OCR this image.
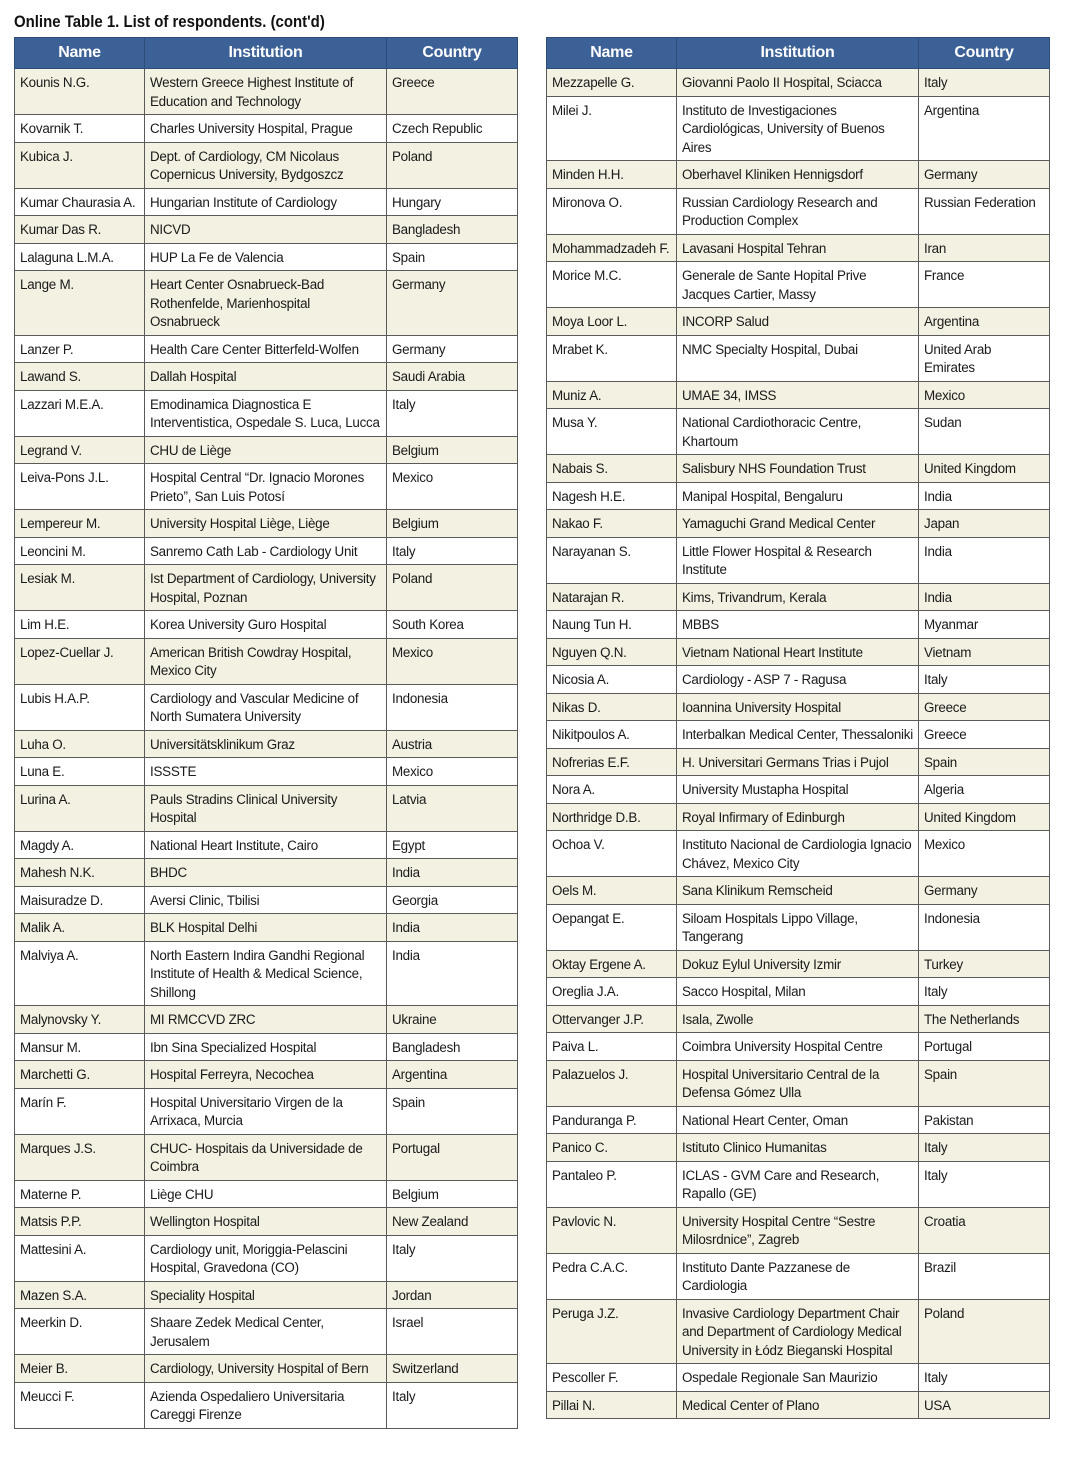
Online Table 1. List of respondents. (cont'd)
Name	Institution	Country
Kounis N.G.	Western Greece Highest Institute of Education and Technology	Greece
Kovarnik T.	Charles University Hospital, Prague	Czech Republic
Kubica J.	Dept. of Cardiology, CM Nicolaus Copernicus University, Bydgoszcz	Poland
Kumar Chaurasia A.	Hungarian Institute of Cardiology	Hungary
Kumar Das R.	NICVD	Bangladesh
Lalaguna L.M.A.	HUP La Fe de Valencia	Spain
Lange M.	Heart Center Osnabrueck-Bad Rothenfelde, Marienhospital Osnabrueck	Germany
Lanzer P.	Health Care Center Bitterfeld-Wolfen	Germany
Lawand S.	Dallah Hospital	Saudi Arabia
Lazzari M.E.A.	Emodinamica Diagnostica E Interventistica, Ospedale S. Luca, Lucca	Italy
Legrand V.	CHU de Liège	Belgium
Leiva-Pons J.L.	Hospital Central “Dr. Ignacio Morones Prieto”, San Luis Potosí	Mexico
Lempereur M.	University Hospital Liège, Liège	Belgium
Leoncini M.	Sanremo Cath Lab - Cardiology Unit	Italy
Lesiak M.	Ist Department of Cardiology, University Hospital, Poznan	Poland
Lim H.E.	Korea University Guro Hospital	South Korea
Lopez-Cuellar J.	American British Cowdray Hospital, Mexico City	Mexico
Lubis H.A.P.	Cardiology and Vascular Medicine of North Sumatera University	Indonesia
Luha O.	Universitätsklinikum Graz	Austria
Luna E.	ISSSTE	Mexico
Lurina A.	Pauls Stradins Clinical University Hospital	Latvia
Magdy A.	National Heart Institute, Cairo	Egypt
Mahesh N.K.	BHDC	India
Maisuradze D.	Aversi Clinic, Tbilisi	Georgia
Malik A.	BLK Hospital Delhi	India
Malviya A.	North Eastern Indira Gandhi Regional Institute of Health & Medical Science, Shillong	India
Malynovsky Y.	MI RMCCVD ZRC	Ukraine
Mansur M.	Ibn Sina Specialized Hospital	Bangladesh
Marchetti G.	Hospital Ferreyra, Necochea	Argentina
Marín F.	Hospital Universitario Virgen de la Arrixaca, Murcia	Spain
Marques J.S.	CHUC- Hospitais da Universidade de Coimbra	Portugal
Materne P.	Liège CHU	Belgium
Matsis P.P.	Wellington Hospital	New Zealand
Mattesini A.	Cardiology unit, Moriggia-Pelascini Hospital, Gravedona (CO)	Italy
Mazen S.A.	Speciality Hospital	Jordan
Meerkin D.	Shaare Zedek Medical Center, Jerusalem	Israel
Meier B.	Cardiology, University Hospital of Bern	Switzerland
Meucci F.	Azienda Ospedaliero Universitaria Careggi Firenze	Italy
Name	Institution	Country
Mezzapelle G.	Giovanni Paolo II Hospital, Sciacca	Italy
Milei J.	Instituto de Investigaciones Cardiológicas, University of Buenos Aires	Argentina
Minden H.H.	Oberhavel Kliniken Hennigsdorf	Germany
Mironova O.	Russian Cardiology Research and Production Complex	Russian Federation
Mohammadzadeh F.	Lavasani Hospital Tehran	Iran
Morice M.C.	Generale de Sante Hopital Prive Jacques Cartier, Massy	France
Moya Loor L.	INCORP Salud	Argentina
Mrabet K.	NMC Specialty Hospital, Dubai	United Arab Emirates
Muniz A.	UMAE 34, IMSS	Mexico
Musa Y.	National Cardiothoracic Centre, Khartoum	Sudan
Nabais S.	Salisbury NHS Foundation Trust	United Kingdom
Nagesh H.E.	Manipal Hospital, Bengaluru	India
Nakao F.	Yamaguchi Grand Medical Center	Japan
Narayanan S.	Little Flower Hospital & Research Institute	India
Natarajan R.	Kims, Trivandrum, Kerala	India
Naung Tun H.	MBBS	Myanmar
Nguyen Q.N.	Vietnam National Heart Institute	Vietnam
Nicosia A.	Cardiology - ASP 7 - Ragusa	Italy
Nikas D.	Ioannina University Hospital	Greece
Nikitpoulos A.	Interbalkan Medical Center, Thessaloniki	Greece
Nofrerias E.F.	H. Universitari Germans Trias i Pujol	Spain
Nora A.	University Mustapha Hospital	Algeria
Northridge D.B.	Royal Infirmary of Edinburgh	United Kingdom
Ochoa V.	Instituto Nacional de Cardiologia Ignacio Chávez, Mexico City	Mexico
Oels M.	Sana Klinikum Remscheid	Germany
Oepangat E.	Siloam Hospitals Lippo Village, Tangerang	Indonesia
Oktay Ergene A.	Dokuz Eylul University Izmir	Turkey
Oreglia J.A.	Sacco Hospital, Milan	Italy
Ottervanger J.P.	Isala, Zwolle	The Netherlands
Paiva L.	Coimbra University Hospital Centre	Portugal
Palazuelos J.	Hospital Universitario Central de la Defensa Gómez Ulla	Spain
Panduranga P.	National Heart Center, Oman	Pakistan
Panico C.	Istituto Clinico Humanitas	Italy
Pantaleo P.	ICLAS - GVM Care and Research, Rapallo (GE)	Italy
Pavlovic N.	University Hospital Centre “Sestre Milosrdnice”, Zagreb	Croatia
Pedra C.A.C.	Instituto Dante Pazzanese de Cardiologia	Brazil
Peruga J.Z.	Invasive Cardiology Department Chair and Department of Cardiology Medical University in Łódz Bieganski Hospital	Poland
Pescoller F.	Ospedale Regionale San Maurizio	Italy
Pillai N.	Medical Center of Plano	USA
